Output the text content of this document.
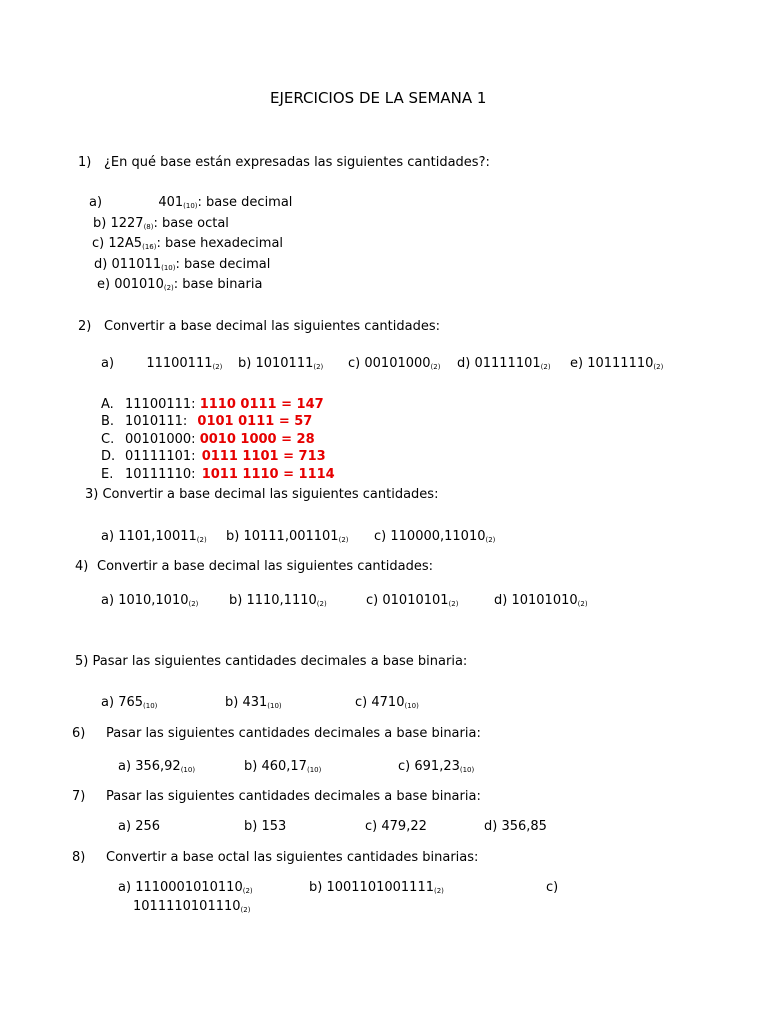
EJERCICIOS DE LA SEMANA 1
1) ¿En qué base están expresadas las siguientes cantidades?:
a)	$401_{(10)}$: base decimal
b) $1227_{(8)}$: base octal
c) $12A5_{(16)}$: base hexadecimal
d) $011011_{(10)}$: base decimal
e) $001010_{(2)}$: base binaria
2) Convertir a base decimal las siguientes cantidades:
a) $11100111_{(2)}$ b) $1010111_{(2)}$ c) $00101000_{(2)}$ d) $01111101_{(2)}$ e) $10111110_{(2)}$
A. 11100111: 1110 0111 = 147
B. 1010111: 0101 0111 = 57
C. 00101000: 0010 1000 = 28
D. 01111101: 0111 1101 = 713
E. 10111110: 1011 1110 = 1114
3) Convertir a base decimal las siguientes cantidades:
a) $1101,10011_{(2)}$ b) $10111,001101_{(2)}$ c) $110000,11010_{(2)}$
4) Convertir a base decimal las siguientes cantidades:
a) $1010,1010_{(2)}$ b) $1110,1110_{(2)}$	c) $01010101_{(2)}$	d) $10101010_{(2)}$
5) Pasar las siguientes cantidades decimales a base binaria:
a) $765_{(10)}$	b) $431_{(10)}$	c) $4710_{(10)}$
6) Pasar las siguientes cantidades decimales a base binaria:
a) $356,92_{(10)}$	b) $460,17_{(10)}$	c) $691,23_{(10)}$
7) Pasar las siguientes cantidades decimales a base binaria:
a) 256	b) 153	c) 479,22	d) 356,85
8) Convertir a base octal las siguientes cantidades binarias:
a) $1110001010110_{(2)}$	b) $1001101001111_{(2)}$	c)
$1011110101110_{(2)}$
